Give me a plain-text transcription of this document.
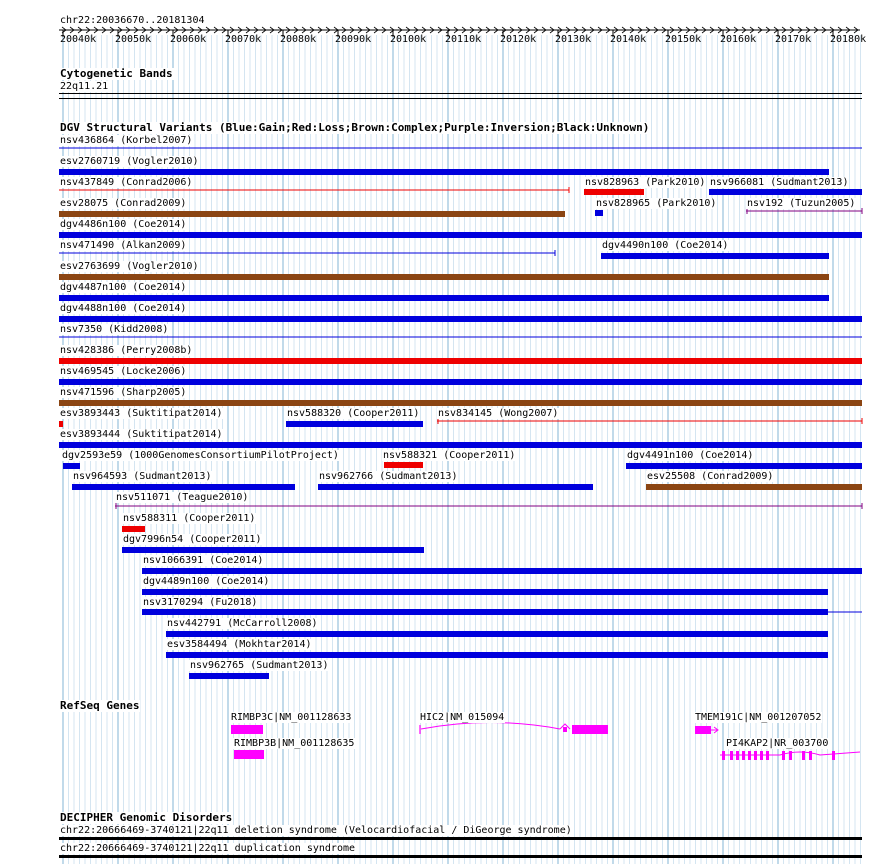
chr22:20036670..20181304
20040k 20050k 20060k 20070k 20080k 20090k 20100k 20110k 20120k 20130k 20140k 20150k 20160k 20170k 20180k
Cytogenetic Bands
22q11.21
DGV Structural Variants (Blue:Gain;Red:Loss;Brown:Complex;Purple:Inversion;Black:Unknown)
nsv436864 (Korbel2007)
esv2760719 (Vogler2010)
nsv437849 (Conrad2006)	nsv828963 (Park2010) nsv966081 (Sudmant2013)
esv28075 (Conrad2009)	nsv828965 (Park2010)	nsv192 (Tuzun2005)
dgv4486n100 (Coe2014)
nsv471490 (Alkan2009)	dgv4490n100 (Coe2014)
esv2763699 (Vogler2010)
dgv4487n100 (Coe2014)
dgv4488n100 (Coe2014)
nsv7350 (Kidd2008)
nsv428386 (Perry2008b)
nsv469545 (Locke2006)
nsv471596 (Sharp2005)
esv3893443 (Suktitipat2014)	nsv588320 (Cooper2011) nsv834145 (Wong2007)
esv3893444 (Suktitipat2014)
dgv2593e59 (1000GenomesConsortiumPilotProject)	nsv588321 (Cooper2011)	dgv4491n100 (Coe2014)
nsv964593 (Sudmant2013)	nsv962766 (Sudmant2013)	esv25508 (Conrad2009)
nsv511071 (Teague2010)
nsv588311 (Cooper2011)
dgv7996n54 (Cooper2011)
nsv1066391 (Coe2014)
dgv4489n100 (Coe2014)
nsv3170294 (Fu2018)
nsv442791 (McCarroll2008)
esv3584494 (Mokhtar2014)
nsv962765 (Sudmant2013)
RefSeq Genes
RIMBP3C|NM_001128633
RIMBP3B|NM_001128635
HIC2|NM_015094	TMEM191C|NM_001207052
PI4KAP2|NR_003700
DECIPHER Genomic Disorders
chr22:20666469-3740121|22q11 deletion syndrome (Velocardiofacial / DiGeorge syndrome)
chr22:20666469-3740121|22q11 duplication syndrome
